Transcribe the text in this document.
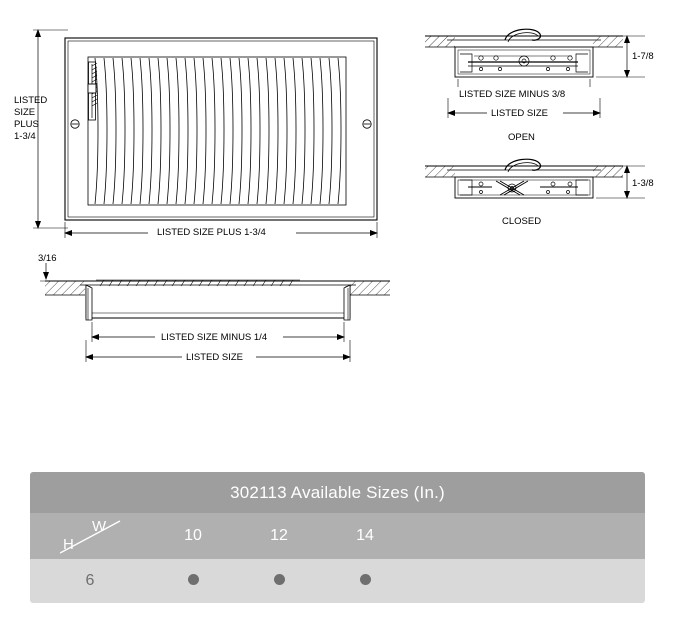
LISTED
SIZE
PLUS
1-3/4
LISTED SIZE PLUS 1-3/4
3/16
LISTED SIZE MINUS 1/4
LISTED SIZE
1-7/8
LISTED SIZE MINUS 3/8
LISTED SIZE
OPEN
1-3/8
CLOSED
302113 Available Sizes (In.)
W
H
10	12	14
6
